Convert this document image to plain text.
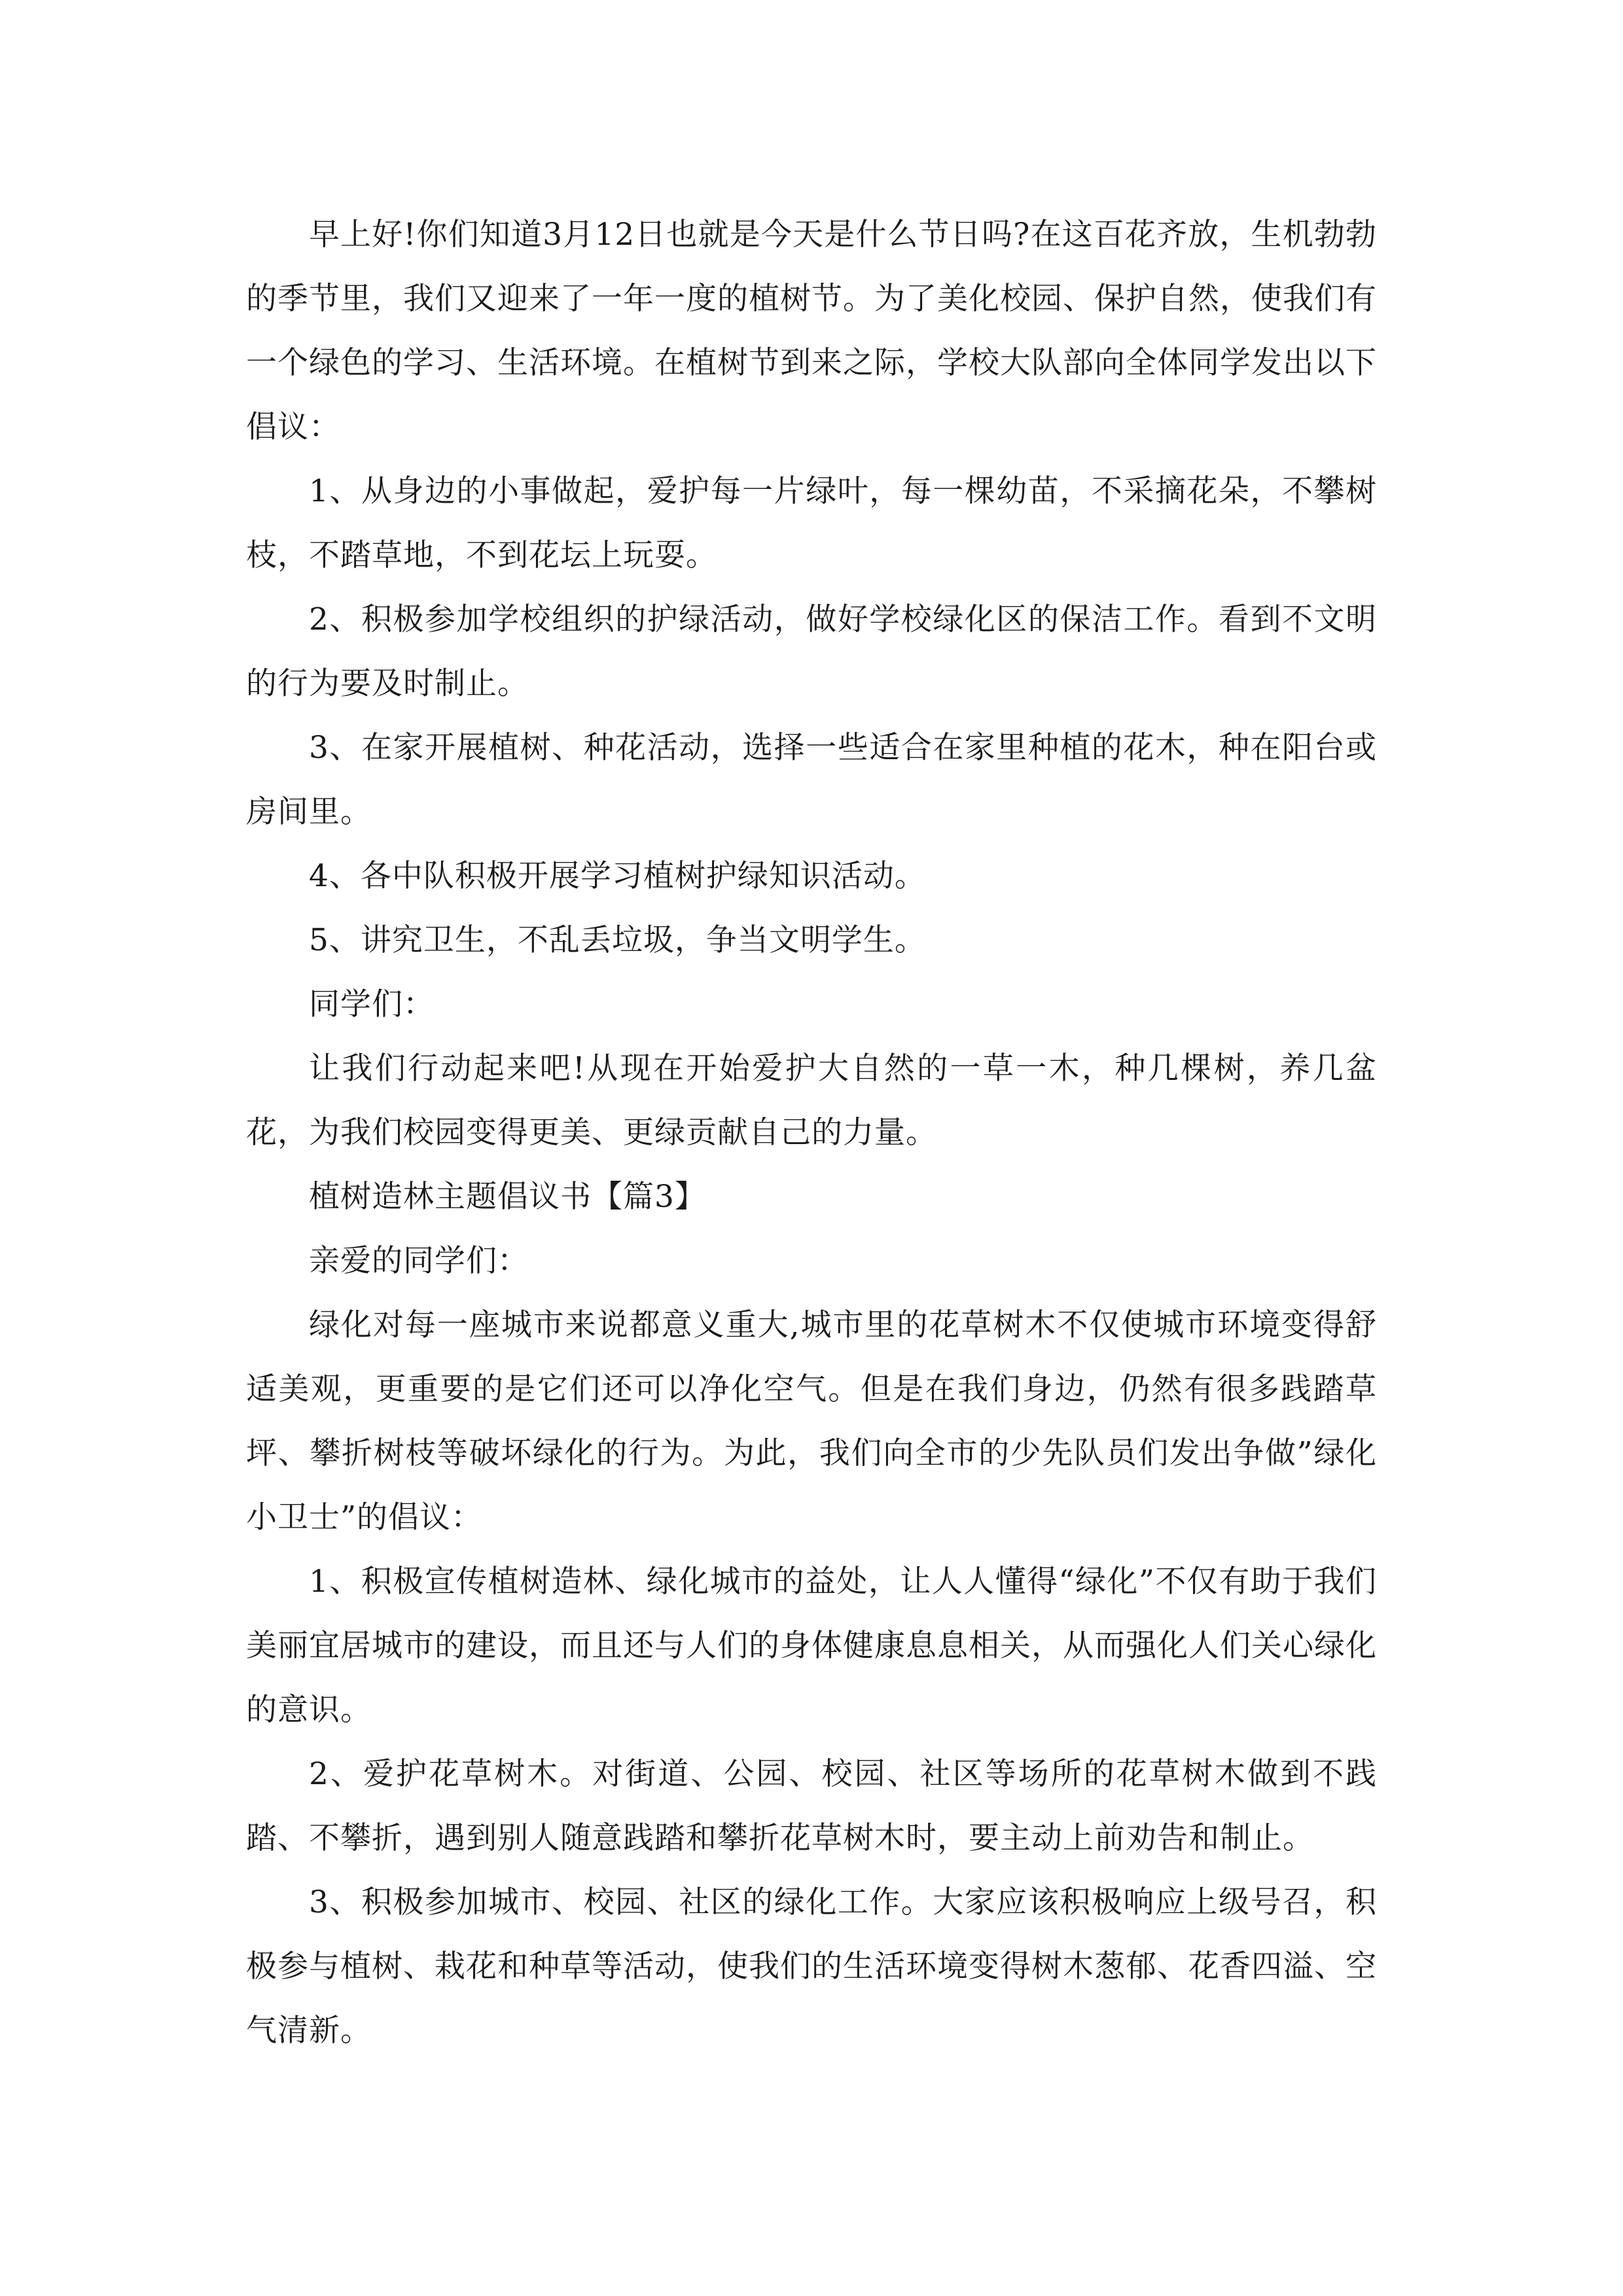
早上好!你们知道3月12日也就是今天是什么节日吗?在这百花齐放，生机勃勃的季节里，我们又迎来了一年一度的植树节。为了美化校园、保护自然，使我们有一个绿色的学习、生活环境。在植树节到来之际，学校大队部向全体同学发出以下倡议：

1、从身边的小事做起，爱护每一片绿叶，每一棵幼苗，不采摘花朵，不攀树枝，不踏草地，不到花坛上玩耍。

2、积极参加学校组织的护绿活动，做好学校绿化区的保洁工作。看到不文明的行为要及时制止。

3、在家开展植树、种花活动，选择一些适合在家里种植的花木，种在阳台或房间里。

4、各中队积极开展学习植树护绿知识活动。

5、讲究卫生，不乱丢垃圾，争当文明学生。

同学们：

让我们行动起来吧!从现在开始爱护大自然的一草一木，种几棵树，养几盆花，为我们校园变得更美、更绿贡献自己的力量。

植树造林主题倡议书【篇3】

亲爱的同学们：

绿化对每一座城市来说都意义重大,城市里的花草树木不仅使城市环境变得舒适美观，更重要的是它们还可以净化空气。但是在我们身边，仍然有很多践踏草坪、攀折树枝等破坏绿化的行为。为此，我们向全市的少先队员们发出争做”绿化小卫士”的倡议：

1、积极宣传植树造林、绿化城市的益处，让人人懂得“绿化”不仅有助于我们美丽宜居城市的建设，而且还与人们的身体健康息息相关，从而强化人们关心绿化的意识。

2、爱护花草树木。对街道、公园、校园、社区等场所的花草树木做到不践踏、不攀折，遇到别人随意践踏和攀折花草树木时，要主动上前劝告和制止。

3、积极参加城市、校园、社区的绿化工作。大家应该积极响应上级号召，积极参与植树、栽花和种草等活动，使我们的生活环境变得树木葱郁、花香四溢、空气清新。
